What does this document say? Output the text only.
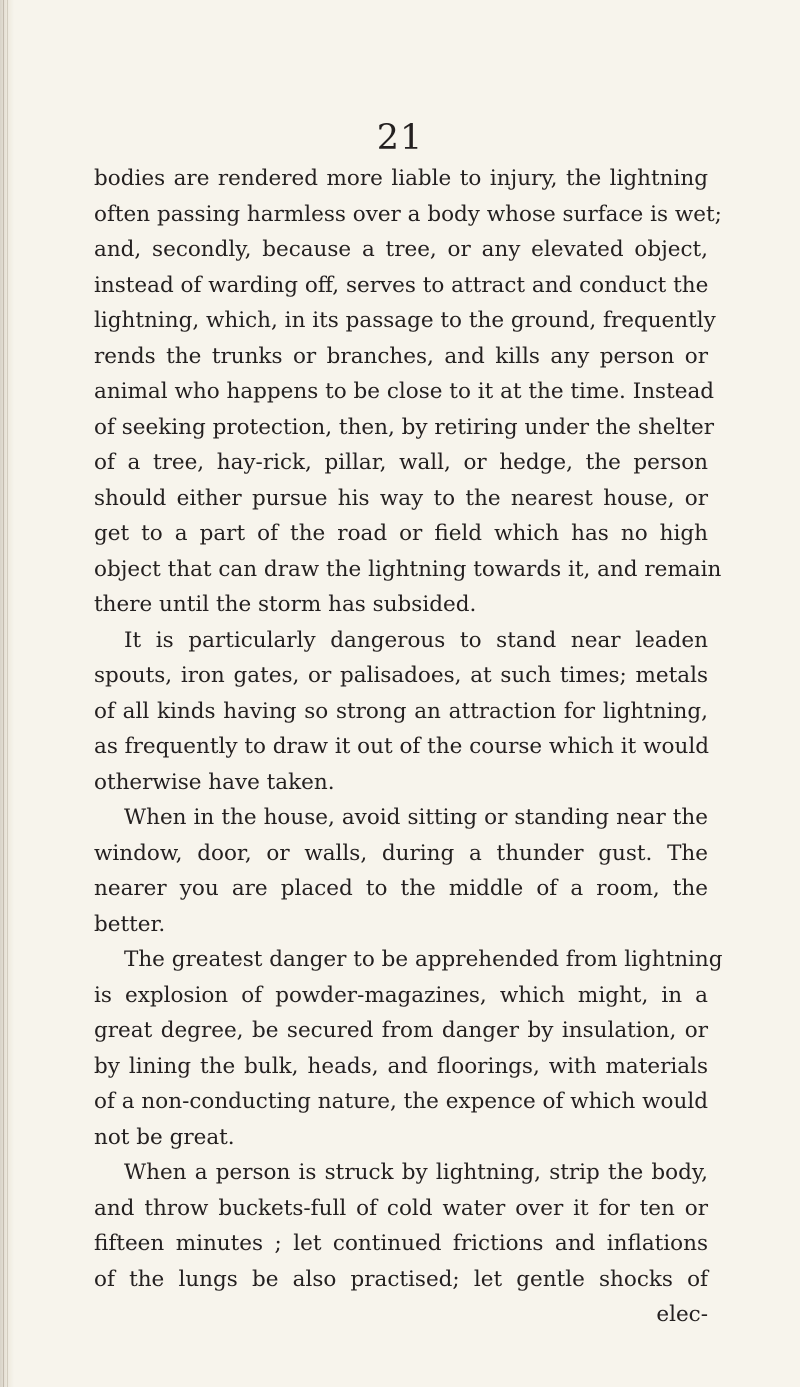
21
bodies are rendered more liable to injury, the lightning
often passing harmless over a body whose surface is wet;
and, secondly, because a tree, or any elevated object,
instead of warding off, serves to attract and conduct the
lightning, which, in its passage to the ground, frequently
rends the trunks or branches, and kills any person or
animal who happens to be close to it at the time. Instead
of seeking protection, then, by retiring under the shelter
of a tree, hay-rick, pillar, wall, or hedge, the person
should either pursue his way to the nearest house, or
get to a part of the road or field which has no high
object that can draw the lightning towards it, and remain
there until the storm has subsided.
It is particularly dangerous to stand near leaden
spouts, iron gates, or palisadoes, at such times; metals
of all kinds having so strong an attraction for lightning,
as frequently to draw it out of the course which it would
otherwise have taken.
When in the house, avoid sitting or standing near the
window, door, or walls, during a thunder gust. The
nearer you are placed to the middle of a room, the
better.
The greatest danger to be apprehended from lightning
is explosion of powder-magazines, which might, in a
great degree, be secured from danger by insulation, or
by lining the bulk, heads, and floorings, with materials
of a non-conducting nature, the expence of which would
not be great.
When a person is struck by lightning, strip the body,
and throw buckets-full of cold water over it for ten or
fifteen minutes ; let continued frictions and inflations
of the lungs be also practised; let gentle shocks of
elec-
